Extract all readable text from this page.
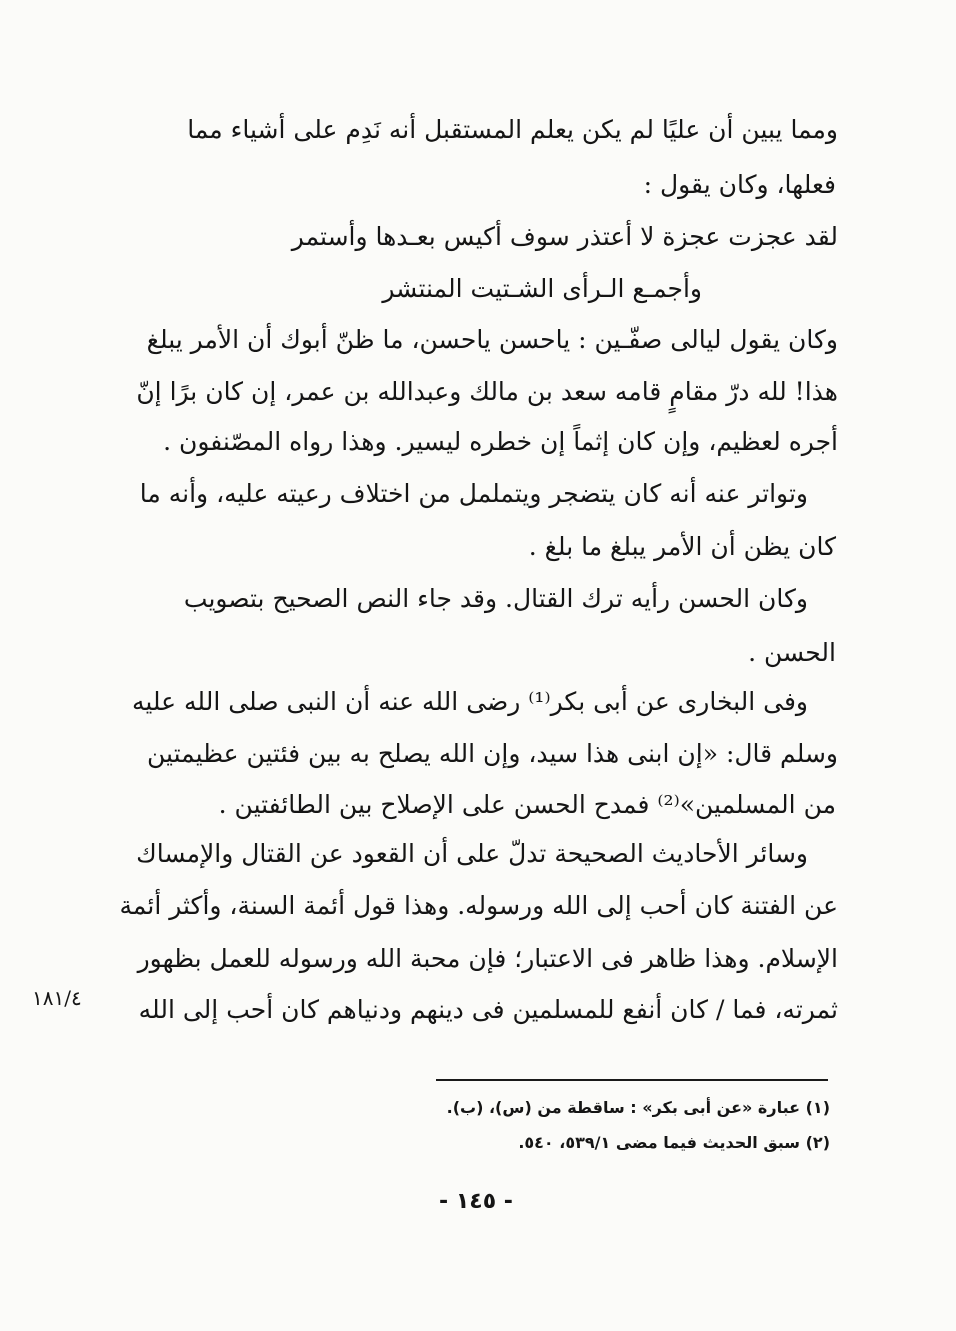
ومما يبين أن عليًا لم يكن يعلم المستقبل أنه نَدِم على أشياء مما
فعلها، وكان يقول :
لقد عجزت عجزة لا أعتذر سوف أكيس بعـدها وأستمر
وأجمـع الـرأى الشـتيت المنتشر
وكان يقول ليالى صفّـين : ياحسن ياحسن، ما ظنّ أبوك أن الأمر يبلغ
هذا! لله درّ مقامٍ قامه سعد بن مالك وعبدالله بن عمر، إن كان برًا إنّ
أجره لعظيم، وإن كان إثماً إن خطره ليسير. وهذا رواه المصّنفون .
وتواتر عنه أنه كان يتضجر ويتململ من اختلاف رعيته عليه، وأنه ما
كان يظن أن الأمر يبلغ ما بلغ .
وكان الحسن رأيه ترك القتال. وقد جاء النص الصحيح بتصويب
الحسن .
وفى البخارى عن أبى بكر⁽¹⁾ رضى الله عنه أن النبى صلى الله عليه
وسلم قال: «إن ابنى هذا سيد، وإن الله يصلح به بين فئتين عظيمتين
من المسلمين»⁽²⁾ فمدح الحسن على الإصلاح بين الطائفتين .
وسائر الأحاديث الصحيحة تدلّ على أن القعود عن القتال والإمساك
عن الفتنة كان أحب إلى الله ورسوله. وهذا قول أئمة السنة، وأكثر أئمة
الإسلام. وهذا ظاهر فى الاعتبار؛ فإن محبة الله ورسوله للعمل بظهور
ثمرته، فما / كان أنفع للمسلمين فى دينهم ودنياهم كان أحب إلى الله
١٨١/٤
(١) عبارة «عن أبى بكر» : ساقطة من (س)، (ب).
(٢) سبق الحديث فيما مضى ٥٣٩/١، ٥٤٠.
- ١٤٥ -
